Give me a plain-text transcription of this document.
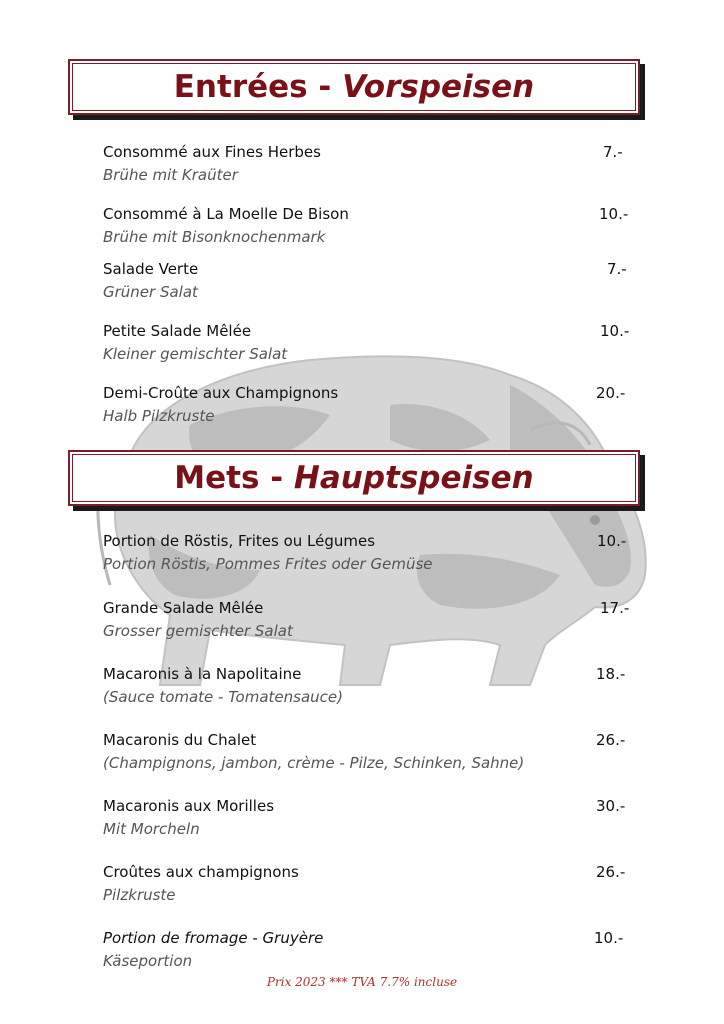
Entrées - Vorspeisen
Consommé aux Fines Herbes
Brühe mit Kraüter
7.-
Consommé à La Moelle De Bison
Brühe mit Bisonknochenmark
10.-
Salade Verte
Grüner Salat
7.-
Petite Salade Mêlée
Kleiner gemischter Salat
10.-
Demi-Croûte aux Champignons
Halb Pilzkruste
20.-
Mets - Hauptspeisen
Portion de Röstis, Frites ou Légumes
Portion Röstis, Pommes Frites oder Gemüse
10.-
Grande Salade Mêlée
Grosser gemischter Salat
17.-
Macaronis à la Napolitaine
(Sauce tomate - Tomatensauce)
18.-
Macaronis du Chalet
(Champignons, jambon, crème - Pilze, Schinken, Sahne)
26.-
Macaronis aux Morilles
Mit Morcheln
30.-
Croûtes aux champignons
Pilzkruste
26.-
Portion de fromage - Gruyère
Käseportion
10.-
Prix 2023 *** TVA 7.7% incluse
